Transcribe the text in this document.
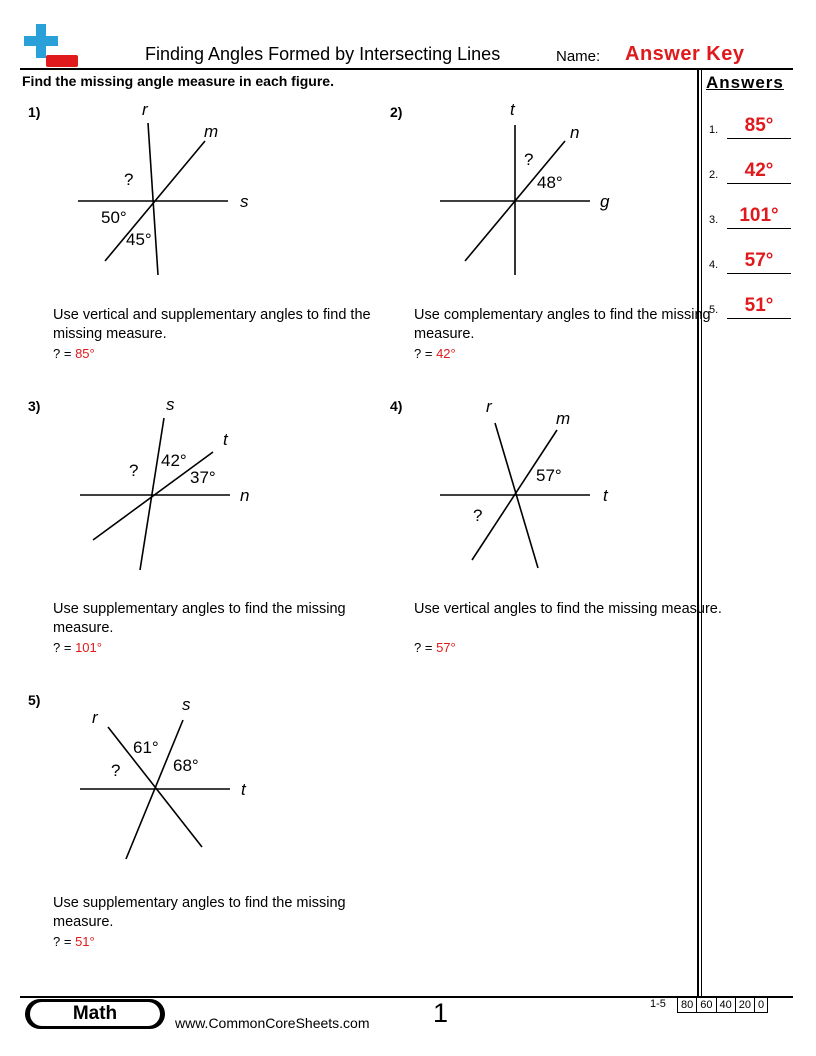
Finding Angles Formed by Intersecting Lines	Name: Answer Key
Find the missing angle measure in each figure.	Answers
1.	85°
2.	42°
3.	101°
4.	57°
5.	51°
1)	r
m
s
?
50°
45°
Use vertical and supplementary angles to find the missing measure.
? = 85°
2)	t
n
g
?
48°
Use complementary angles to find the missing measure.
? = 42°
3)	s
t
n
?
42°
37°
Use supplementary angles to find the missing measure.
? = 101°
4)	r
m
t
57°
?
Use vertical angles to find the missing measure.
? = 57°
5)
r
s
t
61°
?	68°
Use supplementary angles to find the missing measure.
? = 51°
Math	www.CommonCoreSheets.com 1	1-5 80	60	40	20	0
